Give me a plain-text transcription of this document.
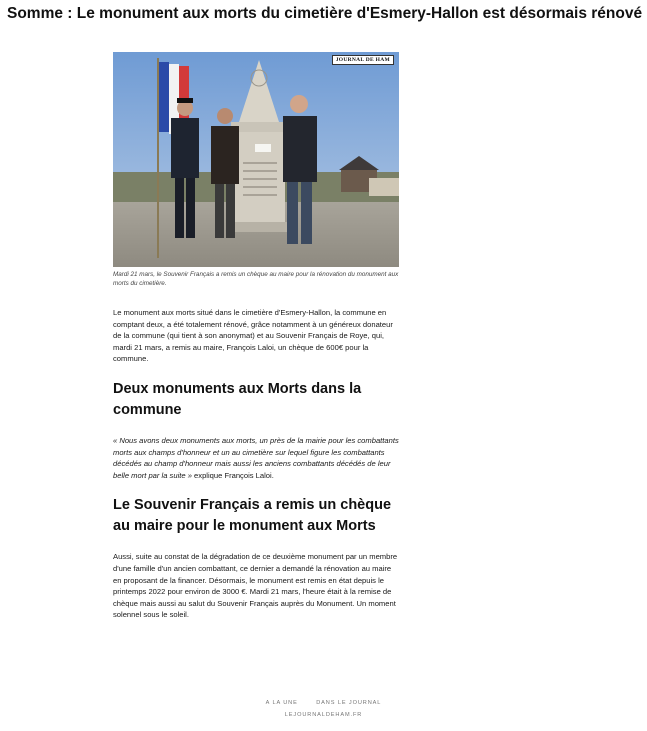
Somme : Le monument aux morts du cimetière d'Esmery-Hallon est désormais rénové
JOURNAL DE HAM
Mardi 21 mars, le Souvenir Français a remis un chèque au maire pour la rénovation du monument aux morts du cimetière.

Le monument aux morts situé dans le cimetière d'Esmery-Hallon, la commune en comptant deux, a été totalement rénové, grâce notamment à un généreux donateur de la commune (qui tient à son anonymat) et au Souvenir Français de Roye, qui, mardi 21 mars, a remis au maire, François Laloi, un chèque de 600€ pour la commune.

Deux monuments aux Morts dans la commune

« Nous avons deux monuments aux morts, un près de la mairie pour les combattants morts aux champs d'honneur et un au cimetière sur lequel figure les combattants décédés au champ d'honneur mais aussi les anciens combattants décédés de leur belle mort par la suite » explique François Laloi.

Le Souvenir Français a remis un chèque au maire pour le monument aux Morts

Aussi, suite au constat de la dégradation de ce deuxième monument par un membre d'une famille d'un ancien combattant, ce dernier a demandé la rénovation au maire en proposant de la financer. Désormais, le monument est remis en état depuis le printemps 2022 pour environ de 3000 €. Mardi 21 mars, l'heure était à la remise de chèque mais aussi au salut du Souvenir Français auprès du Monument. Un moment solennel sous le soleil.

A LA UNE	DANS LE JOURNAL
LEJOURNALDEHAM.FR
